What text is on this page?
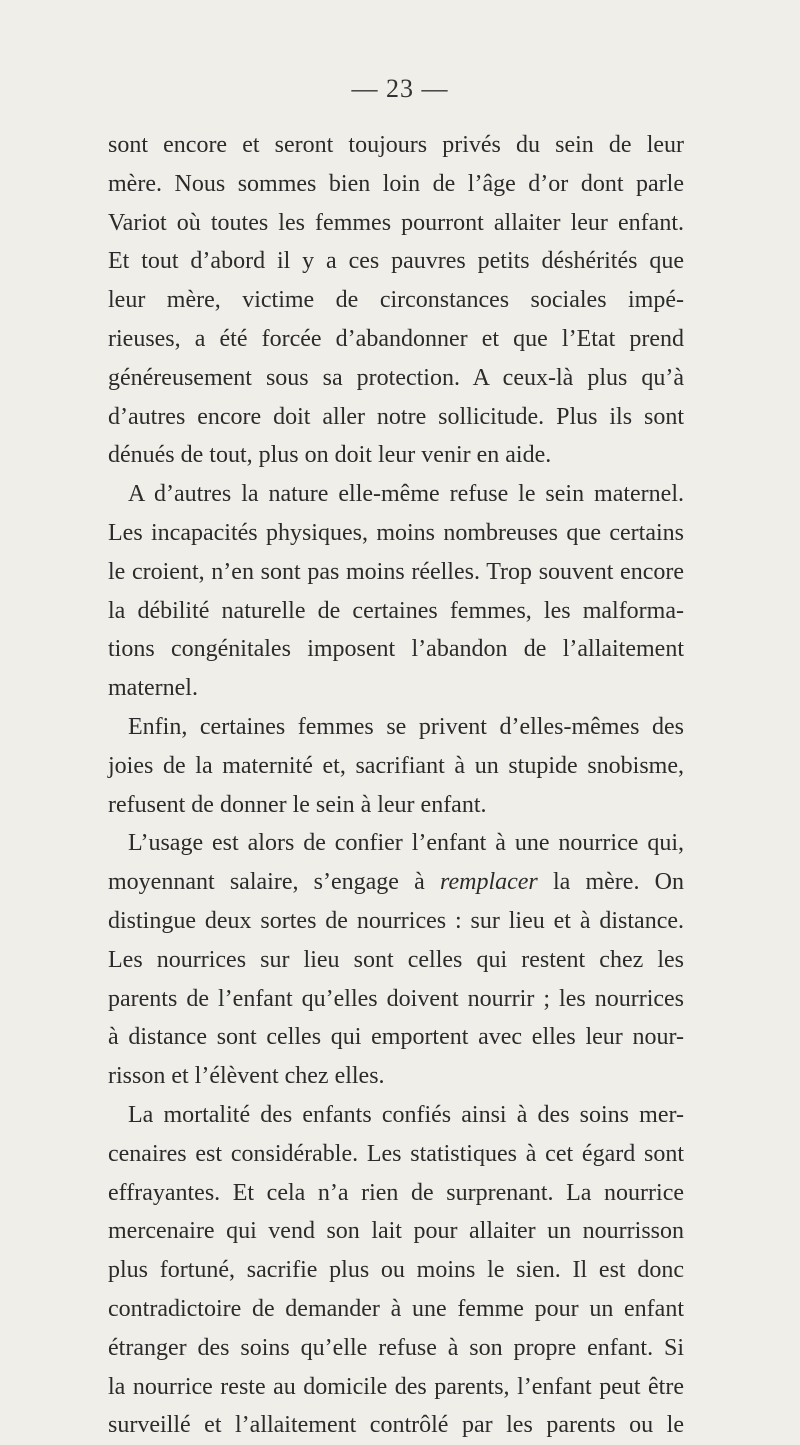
— 23 —
sont encore et seront toujours privés du sein de leur
mère. Nous sommes bien loin de l’âge d’or dont parle
Variot où toutes les femmes pourront allaiter leur enfant.
Et tout d’abord il y a ces pauvres petits déshérités que
leur mère, victime de circonstances sociales impé-
rieuses, a été forcée d’abandonner et que l’Etat prend
généreusement sous sa protection. A ceux-là plus qu’à
d’autres encore doit aller notre sollicitude. Plus ils sont
dénués de tout, plus on doit leur venir en aide.
A d’autres la nature elle-même refuse le sein maternel.
Les incapacités physiques, moins nombreuses que certains
le croient, n’en sont pas moins réelles. Trop souvent encore
la débilité naturelle de certaines femmes, les malforma-
tions congénitales imposent l’abandon de l’allaitement
maternel.
Enfin, certaines femmes se privent d’elles-mêmes des
joies de la maternité et, sacrifiant à un stupide snobisme,
refusent de donner le sein à leur enfant.
L’usage est alors de confier l’enfant à une nourrice qui,
moyennant salaire, s’engage à remplacer la mère. On
distingue deux sortes de nourrices : sur lieu et à distance.
Les nourrices sur lieu sont celles qui restent chez les
parents de l’enfant qu’elles doivent nourrir ; les nourrices
à distance sont celles qui emportent avec elles leur nour-
risson et l’élèvent chez elles.
La mortalité des enfants confiés ainsi à des soins mer-
cenaires est considérable. Les statistiques à cet égard sont
effrayantes. Et cela n’a rien de surprenant. La nourrice
mercenaire qui vend son lait pour allaiter un nourrisson
plus fortuné, sacrifie plus ou moins le sien. Il est donc
contradictoire de demander à une femme pour un enfant
étranger des soins qu’elle refuse à son propre enfant. Si
la nourrice reste au domicile des parents, l’enfant peut être
surveillé et l’allaitement contrôlé par les parents ou le
